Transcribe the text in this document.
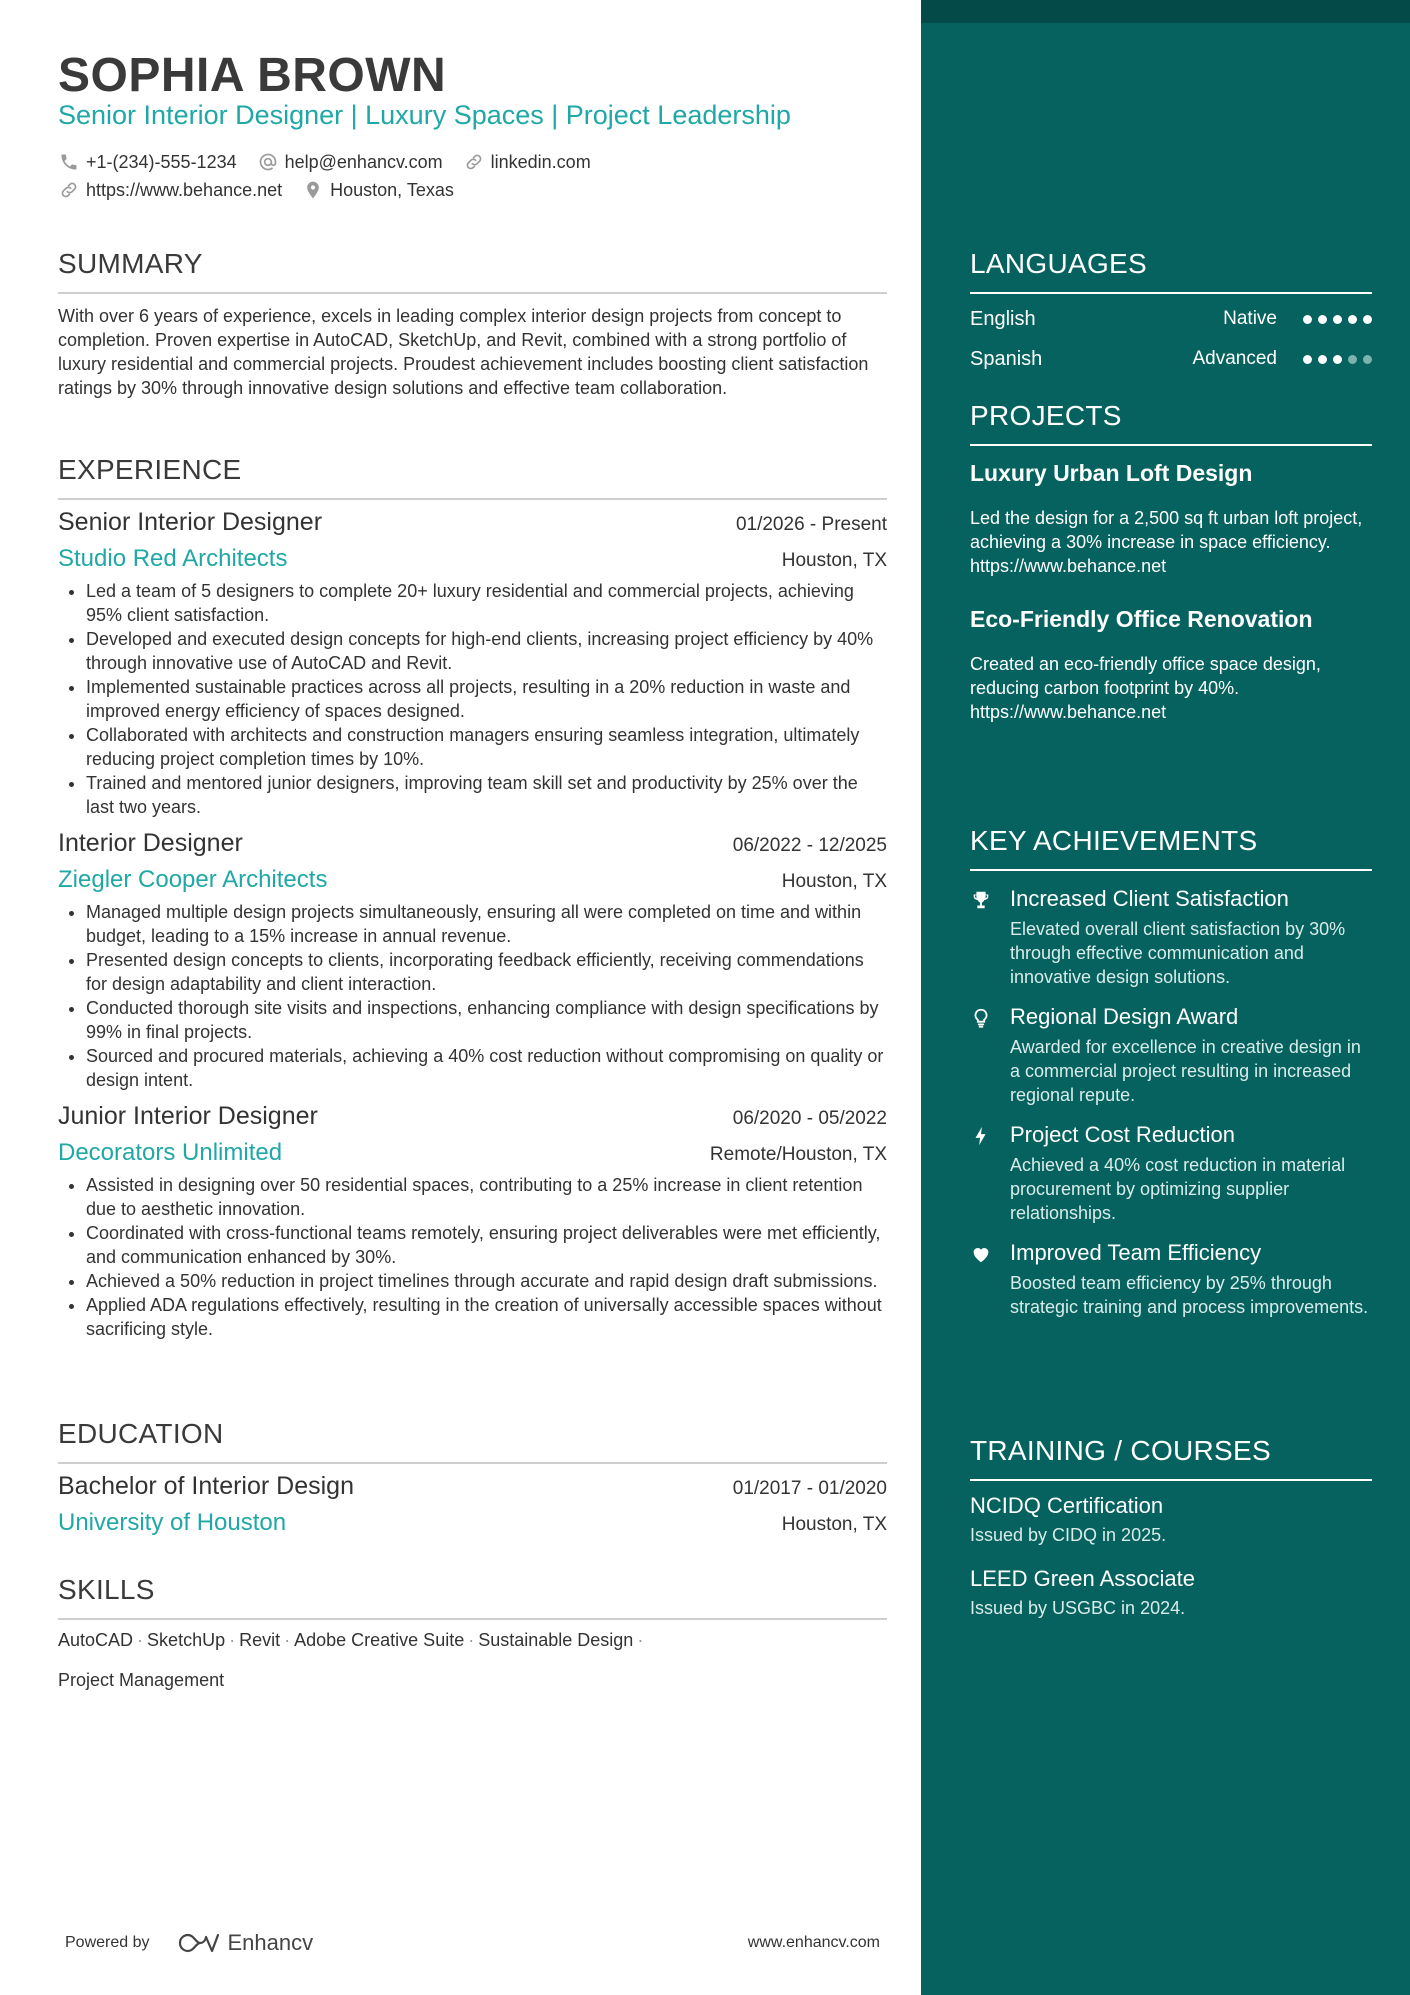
SOPHIA BROWN
Senior Interior Designer | Luxury Spaces | Project Leadership
+1-(234)-555-1234	help@enhancv.com	linkedin.com
https://www.behance.net	Houston, Texas
SUMMARY
With over 6 years of experience, excels in leading complex interior design projects from concept to completion. Proven expertise in AutoCAD, SketchUp, and Revit, combined with a strong portfolio of luxury residential and commercial projects. Proudest achievement includes boosting client satisfaction ratings by 30% through innovative design solutions and effective team collaboration.
EXPERIENCE
Senior Interior Designer	01/2026 - Present
Studio Red Architects	Houston, TX
• Led a team of 5 designers to complete 20+ luxury residential and commercial projects, achieving 95% client satisfaction.
• Developed and executed design concepts for high-end clients, increasing project efficiency by 40% through innovative use of AutoCAD and Revit.
• Implemented sustainable practices across all projects, resulting in a 20% reduction in waste and improved energy efficiency of spaces designed.
• Collaborated with architects and construction managers ensuring seamless integration, ultimately reducing project completion times by 10%.
• Trained and mentored junior designers, improving team skill set and productivity by 25% over the last two years.
Interior Designer	06/2022 - 12/2025
Ziegler Cooper Architects	Houston, TX
• Managed multiple design projects simultaneously, ensuring all were completed on time and within budget, leading to a 15% increase in annual revenue.
• Presented design concepts to clients, incorporating feedback efficiently, receiving commendations for design adaptability and client interaction.
• Conducted thorough site visits and inspections, enhancing compliance with design specifications by 99% in final projects.
• Sourced and procured materials, achieving a 40% cost reduction without compromising on quality or design intent.
Junior Interior Designer	06/2020 - 05/2022
Decorators Unlimited	Remote/Houston, TX
• Assisted in designing over 50 residential spaces, contributing to a 25% increase in client retention due to aesthetic innovation.
• Coordinated with cross-functional teams remotely, ensuring project deliverables were met efficiently, and communication enhanced by 30%.
• Achieved a 50% reduction in project timelines through accurate and rapid design draft submissions.
• Applied ADA regulations effectively, resulting in the creation of universally accessible spaces without sacrificing style.
EDUCATION
Bachelor of Interior Design	01/2017 - 01/2020
University of Houston	Houston, TX
SKILLS
AutoCAD · SketchUp · Revit · Adobe Creative Suite · Sustainable Design ·
Project Management
Powered by	Enhancv	www.enhancv.com
LANGUAGES
English	Native
Spanish	Advanced
PROJECTS
Luxury Urban Loft Design
Led the design for a 2,500 sq ft urban loft project, achieving a 30% increase in space efficiency. https://www.behance.net
Eco-Friendly Office Renovation
Created an eco-friendly office space design, reducing carbon footprint by 40%. https://www.behance.net
KEY ACHIEVEMENTS
Increased Client Satisfaction
Elevated overall client satisfaction by 30% through effective communication and innovative design solutions.
Regional Design Award
Awarded for excellence in creative design in a commercial project resulting in increased regional repute.
Project Cost Reduction
Achieved a 40% cost reduction in material procurement by optimizing supplier relationships.
Improved Team Efficiency
Boosted team efficiency by 25% through strategic training and process improvements.
TRAINING / COURSES
NCIDQ Certification
Issued by CIDQ in 2025.
LEED Green Associate
Issued by USGBC in 2024.
